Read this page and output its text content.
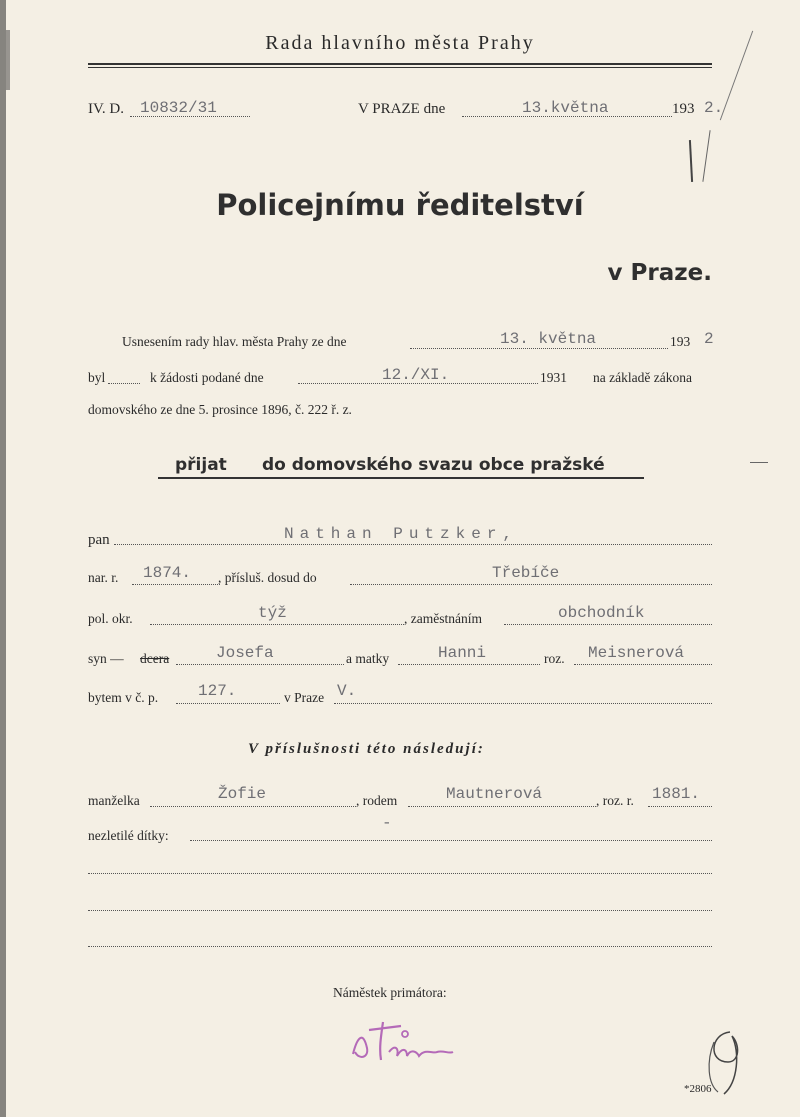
Rada hlavního města Prahy
IV. D. 10832/31	V PRAZE dne	13.května	193 2.
Policejnímu ředitelství
v Praze.
Usnesením rady hlav. města Prahy ze dne	13. května	193 2
byl	k žádosti podané dne	12./XI.	1931 na základě zákona
domovského ze dne 5. prosince 1896, č. 222 ř. z.
přijat do domovského svazu obce pražské
pan	Nathan Putzker,
nar. r. 1874. , přísluš. dosud do	Třebíče
pol. okr.	týž	, zaměstnáním	obchodník
syn — dcera	Josefa	a matky	Hanni	roz. Meisnerová
bytem v č. p. 127.	v Praze V.
V příslušnosti této následují:
manželka	Žofie	, rodem	Mautnerová	, roz. r. 1881.
nezletilé dítky:
-
Náměstek primátora:
*2806
